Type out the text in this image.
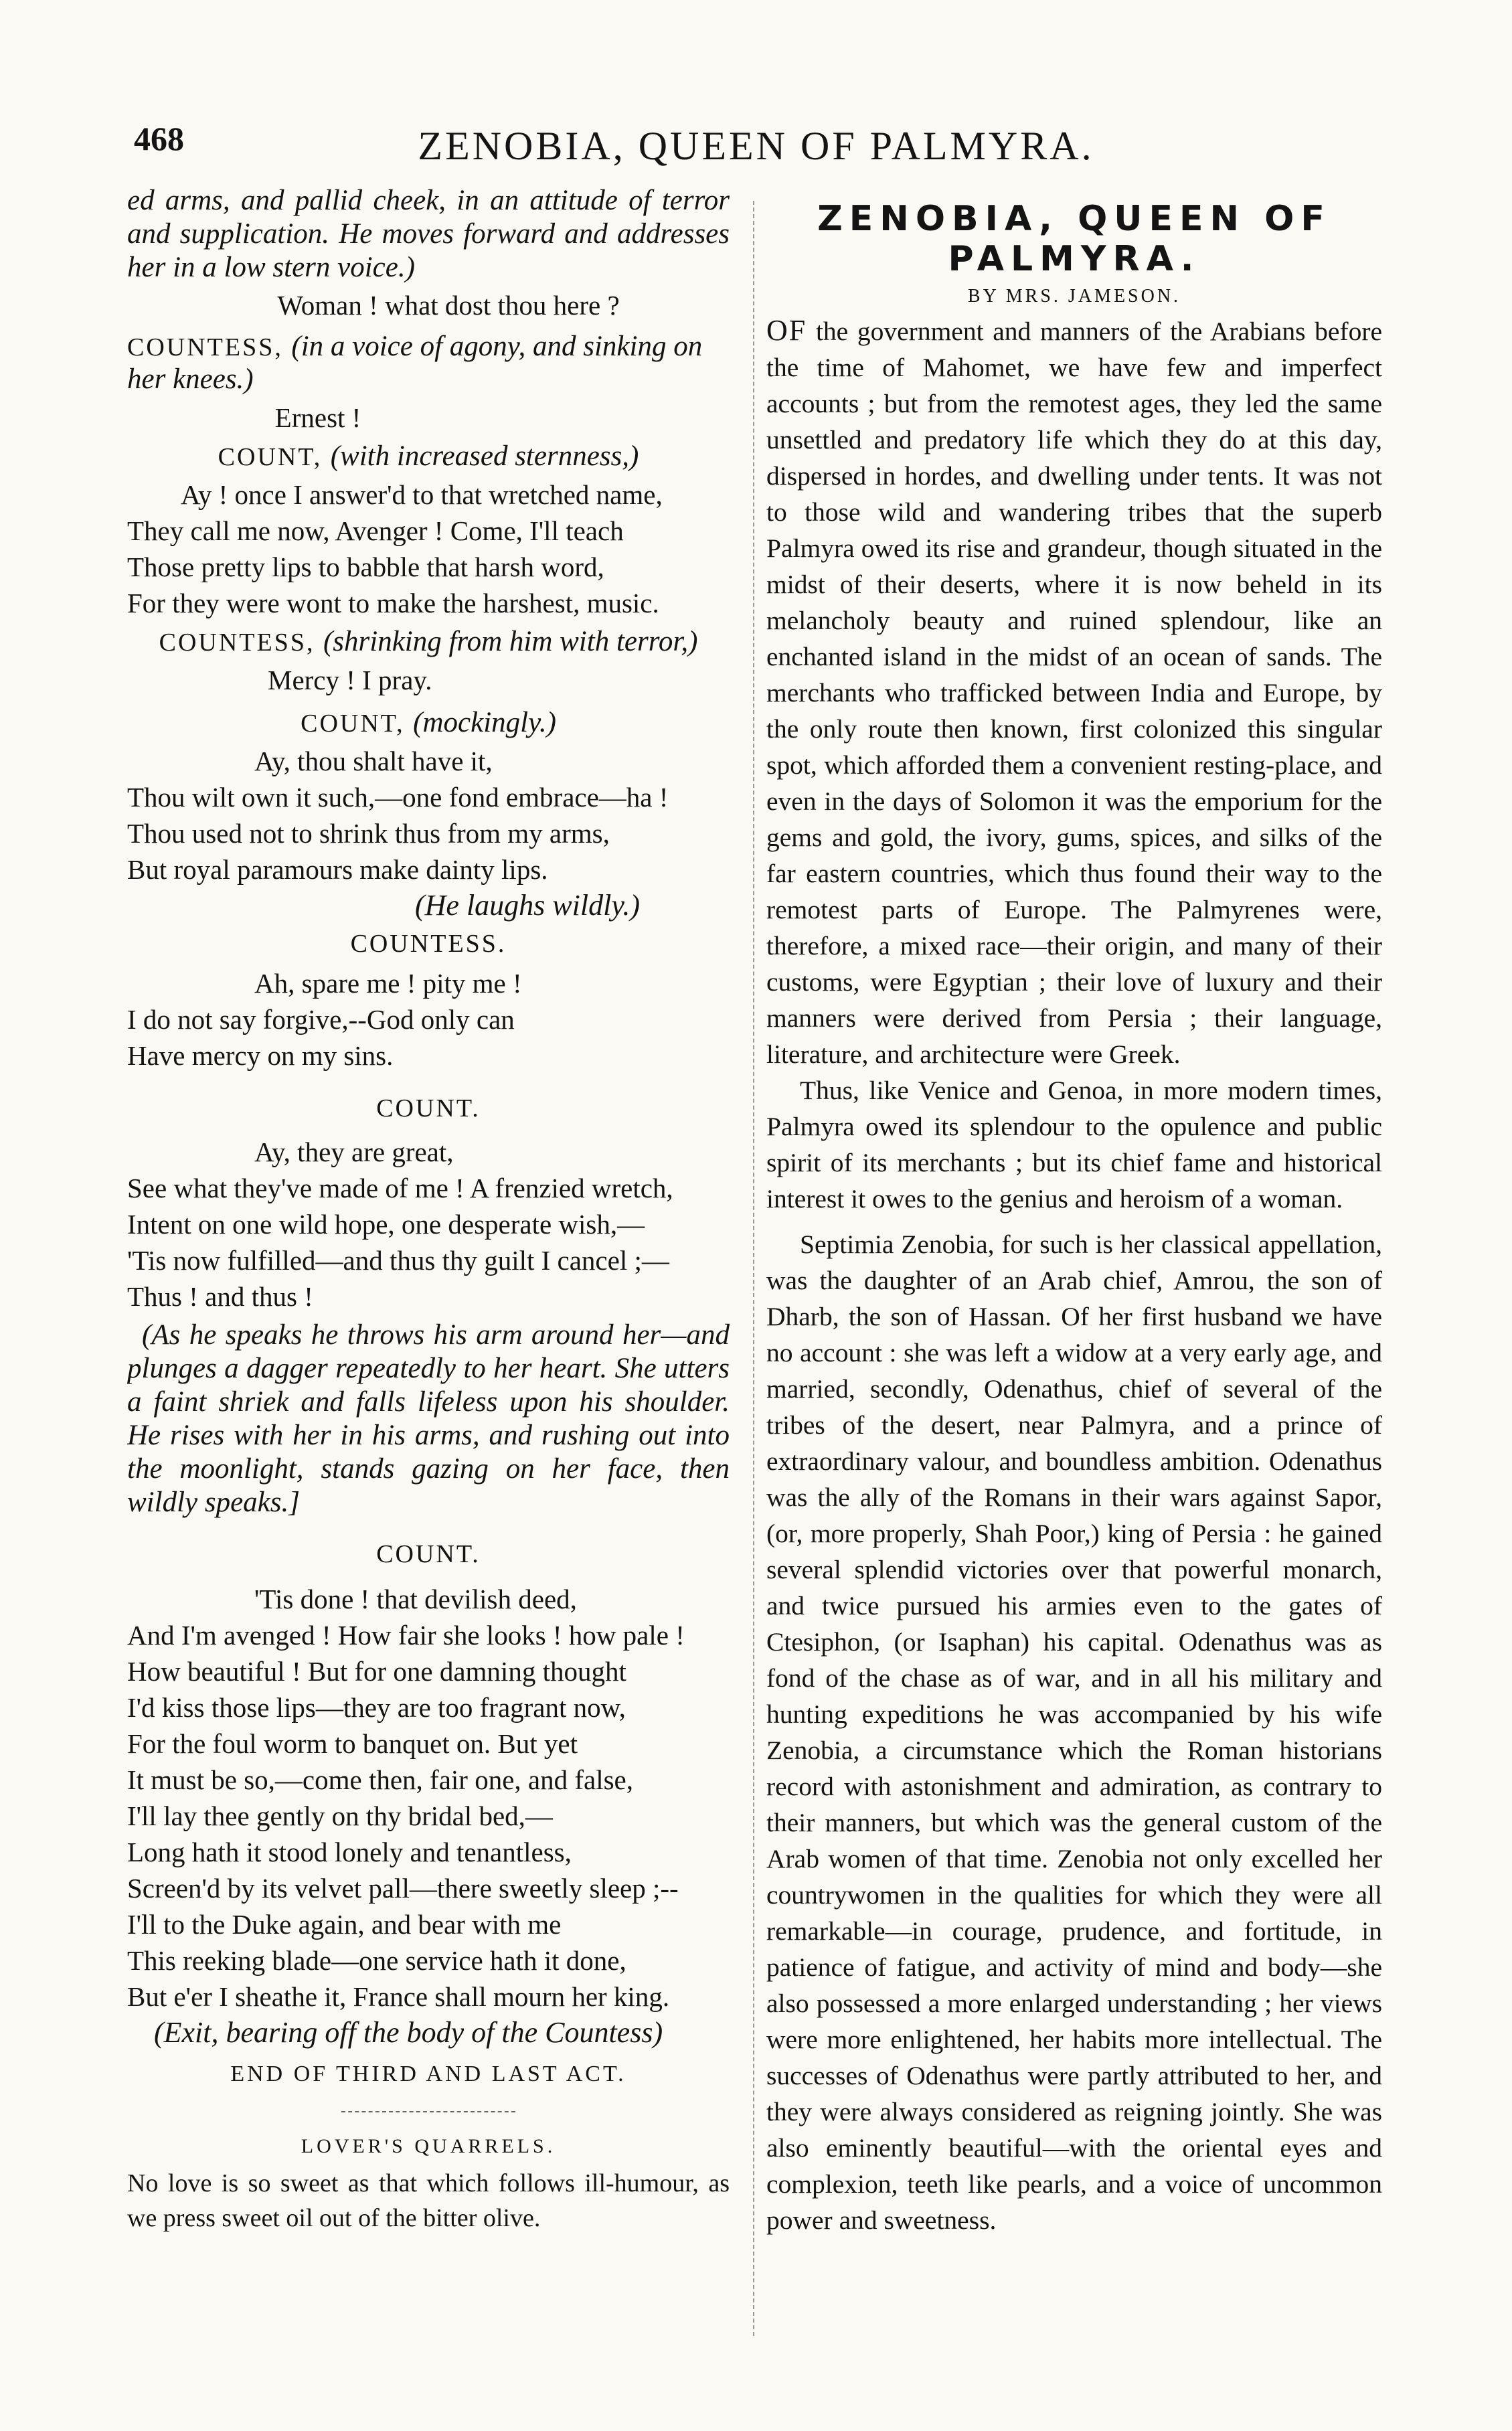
468	ZENOBIA, QUEEN OF PALMYRA.

ed arms, and pallid cheek, in an attitude of terror and supplication. He moves forward and addresses her in a low stern voice.)

Woman ! what dost thou here ?
COUNTESS, (in a voice of agony, and sinking on her knees.)
Ernest !
COUNT, (with increased sternness,)
Ay ! once I answer'd to that wretched name,
They call me now, Avenger ! Come, I'll teach
Those pretty lips to babble that harsh word,
For they were wont to make the harshest, music.
COUNTESS, (shrinking from him with terror,)
Mercy ! I pray.
COUNT, (mockingly.)
Ay, thou shalt have it,
Thou wilt own it such,—one fond embrace—ha !
Thou used not to shrink thus from my arms,
But royal paramours make dainty lips.
(He laughs wildly.)
COUNTESS.
Ah, spare me ! pity me !
I do not say forgive,--God only can
Have mercy on my sins.
COUNT.
Ay, they are great,
See what they've made of me ! A frenzied wretch,
Intent on one wild hope, one desperate wish,—
'Tis now fulfilled—and thus thy guilt I cancel ;—
Thus ! and thus !

(As he speaks he throws his arm around her—and plunges a dagger repeatedly to her heart. She utters a faint shriek and falls lifeless upon his shoulder. He rises with her in his arms, and rushing out into the moonlight, stands gazing on her face, then wildly speaks.]

COUNT.
'Tis done ! that devilish deed,
And I'm avenged ! How fair she looks ! how pale !
How beautiful ! But for one damning thought
I'd kiss those lips—they are too fragrant now,
For the foul worm to banquet on. But yet
It must be so,—come then, fair one, and false,
I'll lay thee gently on thy bridal bed,—
Long hath it stood lonely and tenantless,
Screen'd by its velvet pall—there sweetly sleep ;--
I'll to the Duke again, and bear with me
This reeking blade—one service hath it done,
But e'er I sheathe it, France shall mourn her king.
(Exit, bearing off the body of the Countess)
END OF THIRD AND LAST ACT.
LOVER'S QUARRELS.

No love is so sweet as that which follows ill-humour, as we press sweet oil out of the bitter olive.

ZENOBIA, QUEEN OF PALMYRA.
BY MRS. JAMESON.

OF the government and manners of the Arabians before the time of Mahomet, we have few and imperfect accounts ; but from the remotest ages, they led the same unsettled and predatory life which they do at this day, dispersed in hordes, and dwelling under tents. It was not to those wild and wandering tribes that the superb Palmyra owed its rise and grandeur, though situated in the midst of their deserts, where it is now beheld in its melancholy beauty and ruined splendour, like an enchanted island in the midst of an ocean of sands. The merchants who trafficked between India and Europe, by the only route then known, first colonized this singular spot, which afforded them a convenient resting-place, and even in the days of Solomon it was the emporium for the gems and gold, the ivory, gums, spices, and silks of the far eastern countries, which thus found their way to the remotest parts of Europe. The Palmyrenes were, therefore, a mixed race—their origin, and many of their customs, were Egyptian ; their love of luxury and their manners were derived from Persia ; their language, literature, and architecture were Greek.

Thus, like Venice and Genoa, in more modern times, Palmyra owed its splendour to the opulence and public spirit of its merchants ; but its chief fame and historical interest it owes to the genius and heroism of a woman.

Septimia Zenobia, for such is her classical appellation, was the daughter of an Arab chief, Amrou, the son of Dharb, the son of Hassan. Of her first husband we have no account : she was left a widow at a very early age, and married, secondly, Odenathus, chief of several of the tribes of the desert, near Palmyra, and a prince of extraordinary valour, and boundless ambition. Odenathus was the ally of the Romans in their wars against Sapor, (or, more properly, Shah Poor,) king of Persia : he gained several splendid victories over that powerful monarch, and twice pursued his armies even to the gates of Ctesiphon, (or Isaphan) his capital. Odenathus was as fond of the chase as of war, and in all his military and hunting expeditions he was accompanied by his wife Zenobia, a circumstance which the Roman historians record with astonishment and admiration, as contrary to their manners, but which was the general custom of the Arab women of that time. Zenobia not only excelled her countrywomen in the qualities for which they were all remarkable—in courage, prudence, and fortitude, in patience of fatigue, and activity of mind and body—she also possessed a more enlarged understanding ; her views were more enlightened, her habits more intellectual. The successes of Odenathus were partly attributed to her, and they were always considered as reigning jointly. She was also eminently beautiful—with the oriental eyes and complexion, teeth like pearls, and a voice of uncommon power and sweetness.
